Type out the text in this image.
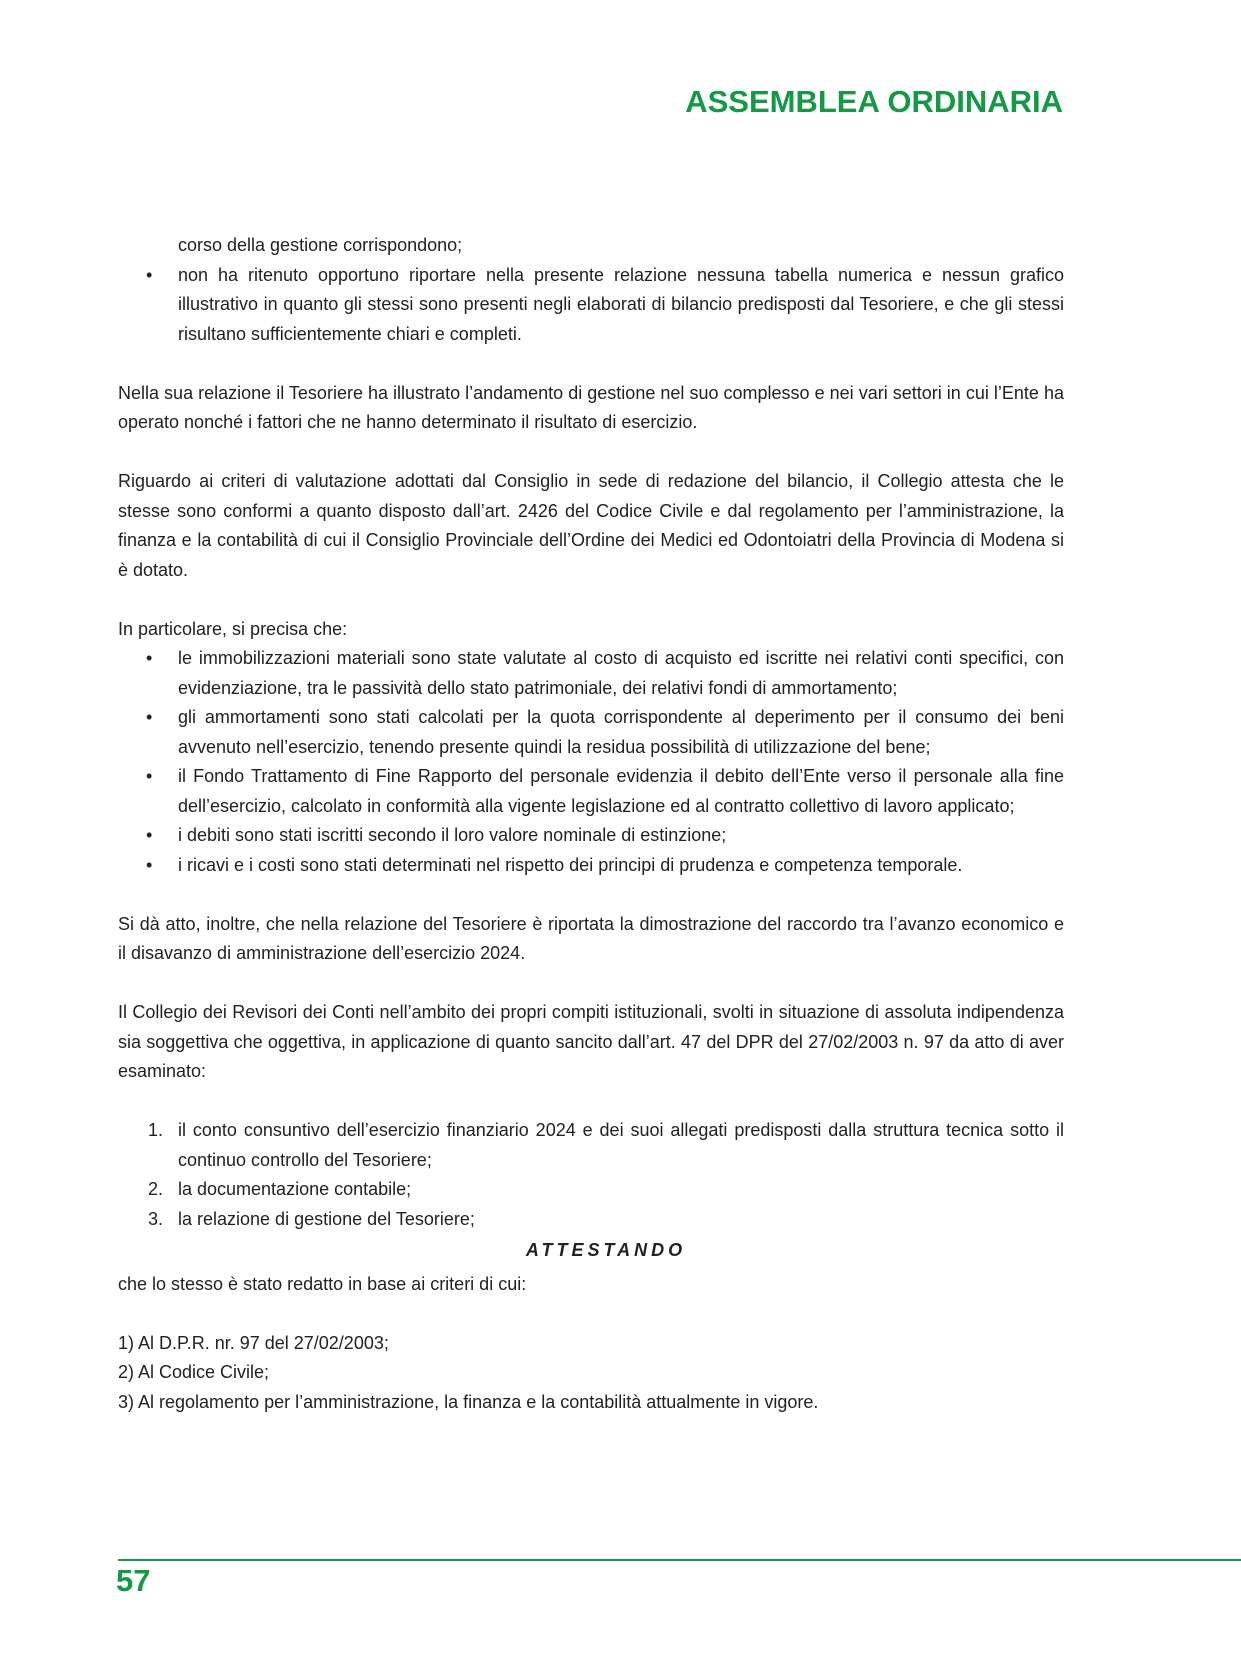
ASSEMBLEA ORDINARIA
corso della gestione corrispondono;
• non ha ritenuto opportuno riportare nella presente relazione nessuna tabella numerica e nessun grafico illustrativo in quanto gli stessi sono presenti negli elaborati di bilancio predisposti dal Tesoriere, e che gli stessi risultano sufficientemente chiari e completi.

Nella sua relazione il Tesoriere ha illustrato l’andamento di gestione nel suo complesso e nei vari settori in cui l’Ente ha operato nonché i fattori che ne hanno determinato il risultato di esercizio.

Riguardo ai criteri di valutazione adottati dal Consiglio in sede di redazione del bilancio, il Collegio attesta che le stesse sono conformi a quanto disposto dall’art. 2426 del Codice Civile e dal regolamento per l’amministrazione, la finanza e la contabilità di cui il Consiglio Provinciale dell’Ordine dei Medici ed Odontoiatri della Provincia di Modena si è dotato.

In particolare, si precisa che:

• le immobilizzazioni materiali sono state valutate al costo di acquisto ed iscritte nei relativi conti specifici, con evidenziazione, tra le passività dello stato patrimoniale, dei relativi fondi di ammortamento;
• gli ammortamenti sono stati calcolati per la quota corrispondente al deperimento per il consumo dei beni avvenuto nell’esercizio, tenendo presente quindi la residua possibilità di utilizzazione del bene;
• il Fondo Trattamento di Fine Rapporto del personale evidenzia il debito dell’Ente verso il personale alla fine dell’esercizio, calcolato in conformità alla vigente legislazione ed al contratto collettivo di lavoro applicato;
• i debiti sono stati iscritti secondo il loro valore nominale di estinzione;
• i ricavi e i costi sono stati determinati nel rispetto dei principi di prudenza e competenza temporale.

Si dà atto, inoltre, che nella relazione del Tesoriere è riportata la dimostrazione del raccordo tra l’avanzo economico e il disavanzo di amministrazione dell’esercizio 2024.

Il Collegio dei Revisori dei Conti nell’ambito dei propri compiti istituzionali, svolti in situazione di assoluta indipendenza sia soggettiva che oggettiva, in applicazione di quanto sancito dall’art. 47 del DPR del 27/02/2003 n. 97 da atto di aver esaminato:

1. il conto consuntivo dell’esercizio finanziario 2024 e dei suoi allegati predisposti dalla struttura tecnica sotto il continuo controllo del Tesoriere;
2. la documentazione contabile;
3. la relazione di gestione del Tesoriere;
ATTESTANDO

che lo stesso è stato redatto in base ai criteri di cui:

1) Al D.P.R. nr. 97 del 27/02/2003;
2) Al Codice Civile;
3) Al regolamento per l’amministrazione, la finanza e la contabilità attualmente in vigore.
57
